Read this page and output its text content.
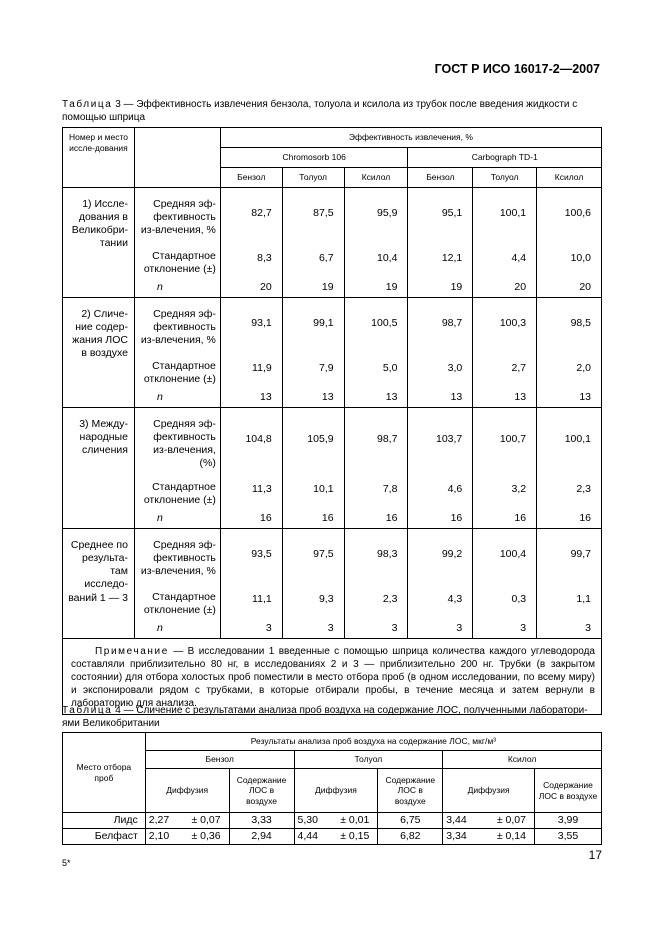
ГОСТ Р ИСО 16017-2—2007
Таблица 3 — Эффективность извлечения бензола, толуола и ксилола из трубок после введения жидкости с помощью шприца
Номер и место иссле-дования		Эффективность извлечения, %					
		Chromosorb 106			Carbograph TD-1		
		Бензол	Толуол	Ксилол	Бензол	Толуол	Ксилол
1) Иссле-дования в Великобри-тании	Средняя эф-фективность из-влечения, %	82,7	87,5	95,9	95,1	100,1	100,6
	Стандартное отклонение (±)	8,3	6,7	10,4	12,1	4,4	10,0
	n	20	19	19	19	20	20
2) Сличе-ние содер-жания ЛОС в воздухе	Средняя эф-фективность из-влечения, %	93,1	99,1	100,5	98,7	100,3	98,5
	Стандартное отклонение (±)	11,9	7,9	5,0	3,0	2,7	2,0
	n	13	13	13	13	13	13
3) Между-народные сличения	Средняя эф-фективность из-влечения, (%)	104,8	105,9	98,7	103,7	100,7	100,1
	Стандартное отклонение (±)	11,3	10,1	7,8	4,6	3,2	2,3
	n	16	16	16	16	16	16
Среднее по результа-там исследо-ваний 1 — 3	Средняя эф-фективность из-влечения, %	93,5	97,5	98,3	99,2	100,4	99,7
	Стандартное отклонение (±)	11,1	9,3	2,3	4,3	0,3	1,1
	n	3	3	3	3	3	3
Примечание — В исследовании 1 введенные с помощью шприца количества каждого углеводорода составляли приблизительно 80 нг, в исследованиях 2 и 3 — приблизительно 200 нг. Трубки (в закрытом состоянии) для отбора холостых проб поместили в место отбора проб (в одном исследовании, по всему миру) и экспонировали рядом с трубками, в которые отбирали пробы, в течение месяца и затем вернули в лабораторию для анализа.							
Таблица 4 — Сличение с результатами анализа проб воздуха на содержание ЛОС, полученными лаборатори-ями Великобритании
Место отбора проб	Результаты анализа проб воздуха на содержание ЛОС, мкг/м³								
	Бензол			Толуол			Ксилол		
	Диффузия		Содержание ЛОС в воздухе	Диффузия		Содержание ЛОС в воздухе	Диффузия		Содержание ЛОС в воздухе
Лидс	2,27	± 0,07	3,33	5,30	± 0,01	6,75	3,44	± 0,07	3,99
Белфаст	2,10	± 0,36	2,94	4,44	± 0,15	6,82	3,34	± 0,14	3,55
5*
17
